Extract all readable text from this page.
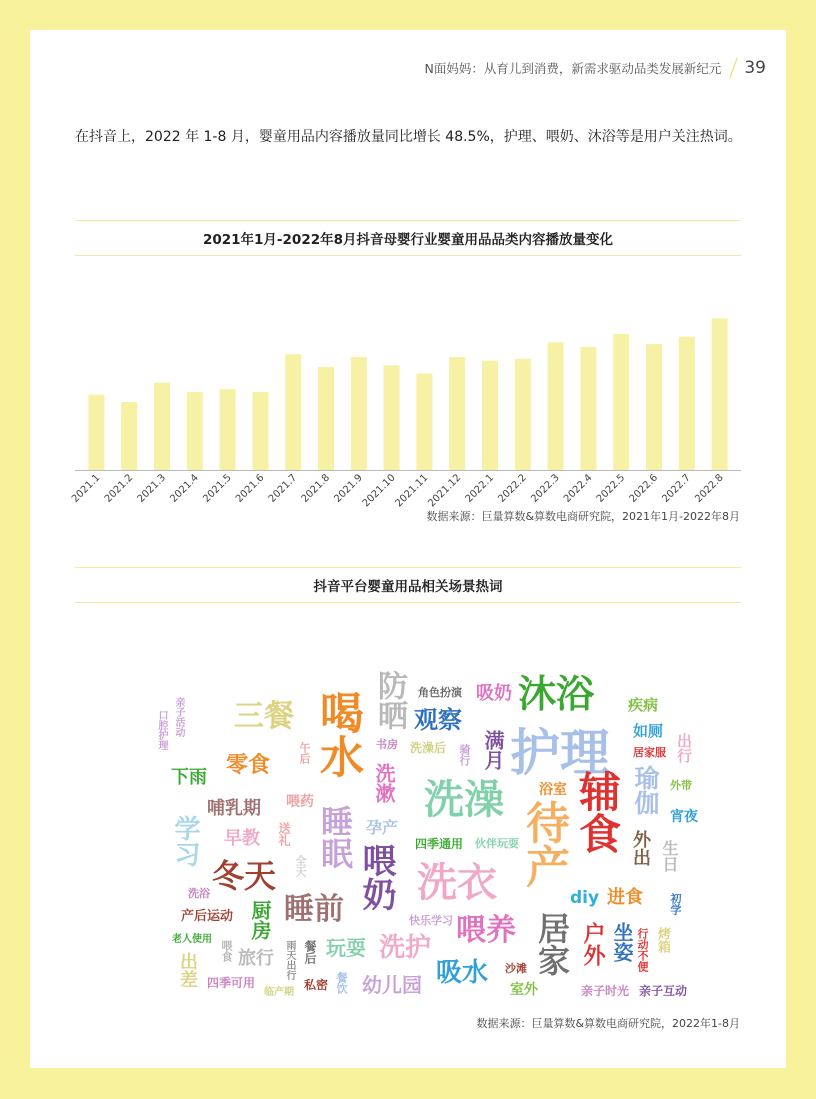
N面妈妈：从育儿到消费，新需求驱动品类发展新纪元 39
在抖音上，2022 年 1-8 月，婴童用品内容播放量同比增长 48.5%，护理、喂奶、沐浴等是用户关注热词。
2021年1月-2022年8月抖音母婴行业婴童用品品类内容播放量变化
2021.1 2021.2 2021.3 2021.4 2021.5 2021.6 2021.7 2021.8 2021.9
2021.10
2021.11
2021.12 2022.1 2022.2 2022.3 2022.4 2022.5 2022.6 2022.7 2022.8
数据来源：巨量算数&算数电商研究院，2021年1月-2022年8月
抖音平台婴童用品相关场景热词
亲子活动
口腔护理 三餐 喝水 防晒 角色扮演 吸奶 沐浴 疾病
观察	如厕
出行
零食	午后	书房 洗澡后 骑行 满月 护理 居家服
下雨	洗漱	瑜伽 外带
哺乳期 喂药	洗澡	浴室 辅食	宵夜
学习 早教 送礼 睡眠 孕产	待产	外出 生日
四季通用 伙伴玩耍
冬天 全天 喂奶 洗衣	diy 进食 初学
洗浴 睡前	快乐学习
产后运动 厨房	居家 户外 坐姿 行动不便 烤箱
喂养
老人使用
喂食	雨天出行 餐后 玩耍 洗护
出差 旅行	吸水 沙滩
四季可用
临产期
私密 餐饮 幼儿园	室外	亲子时光 亲子互动
数据来源：巨量算数&算数电商研究院，2022年1-8月
